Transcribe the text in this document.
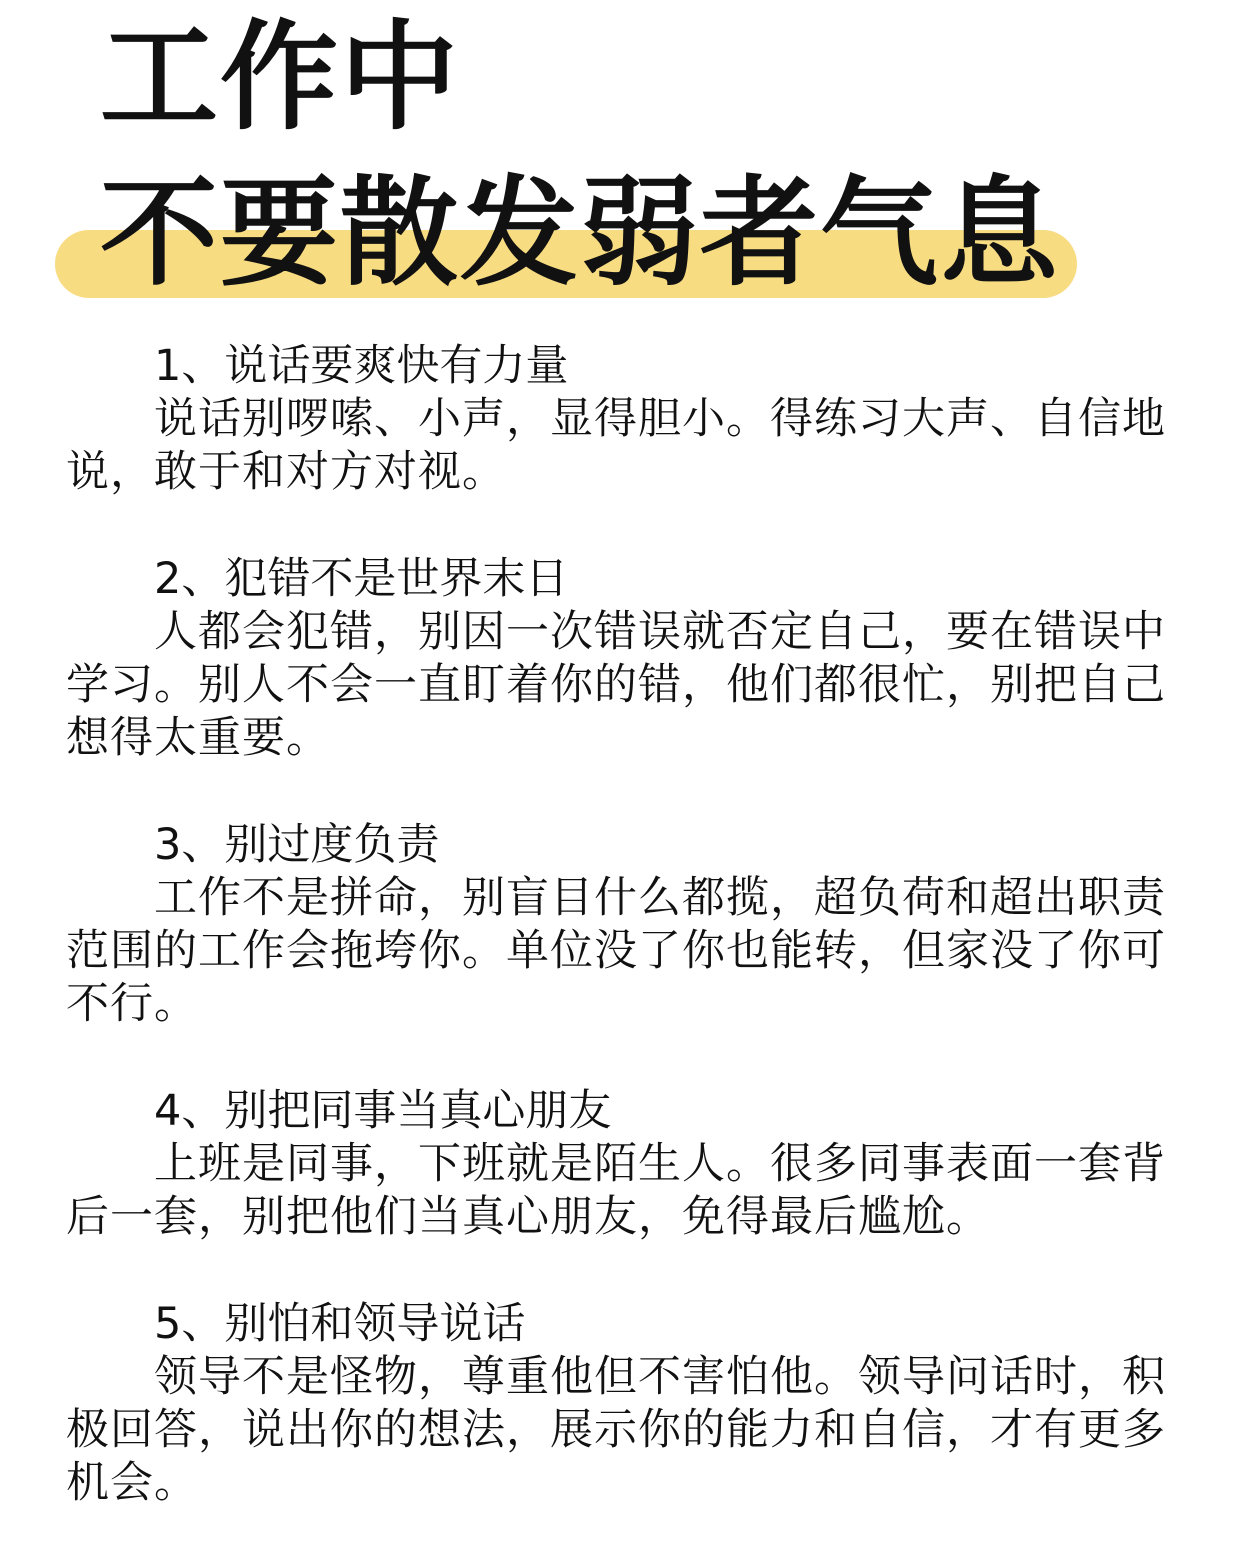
工作中
不要散发弱者气息

1、说话要爽快有力量

说话别啰嗦、小声，显得胆小。得练习大声、自信地说，敢于和对方对视。

2、犯错不是世界末日

人都会犯错，别因一次错误就否定自己，要在错误中学习。别人不会一直盯着你的错，他们都很忙，别把自己想得太重要。

3、别过度负责

工作不是拼命，别盲目什么都揽，超负荷和超出职责范围的工作会拖垮你。单位没了你也能转，但家没了你可不行。

4、别把同事当真心朋友

上班是同事，下班就是陌生人。很多同事表面一套背后一套，别把他们当真心朋友，免得最后尴尬。

5、别怕和领导说话

领导不是怪物，尊重他但不害怕他。领导问话时，积极回答，说出你的想法，展示你的能力和自信，才有更多机会。
